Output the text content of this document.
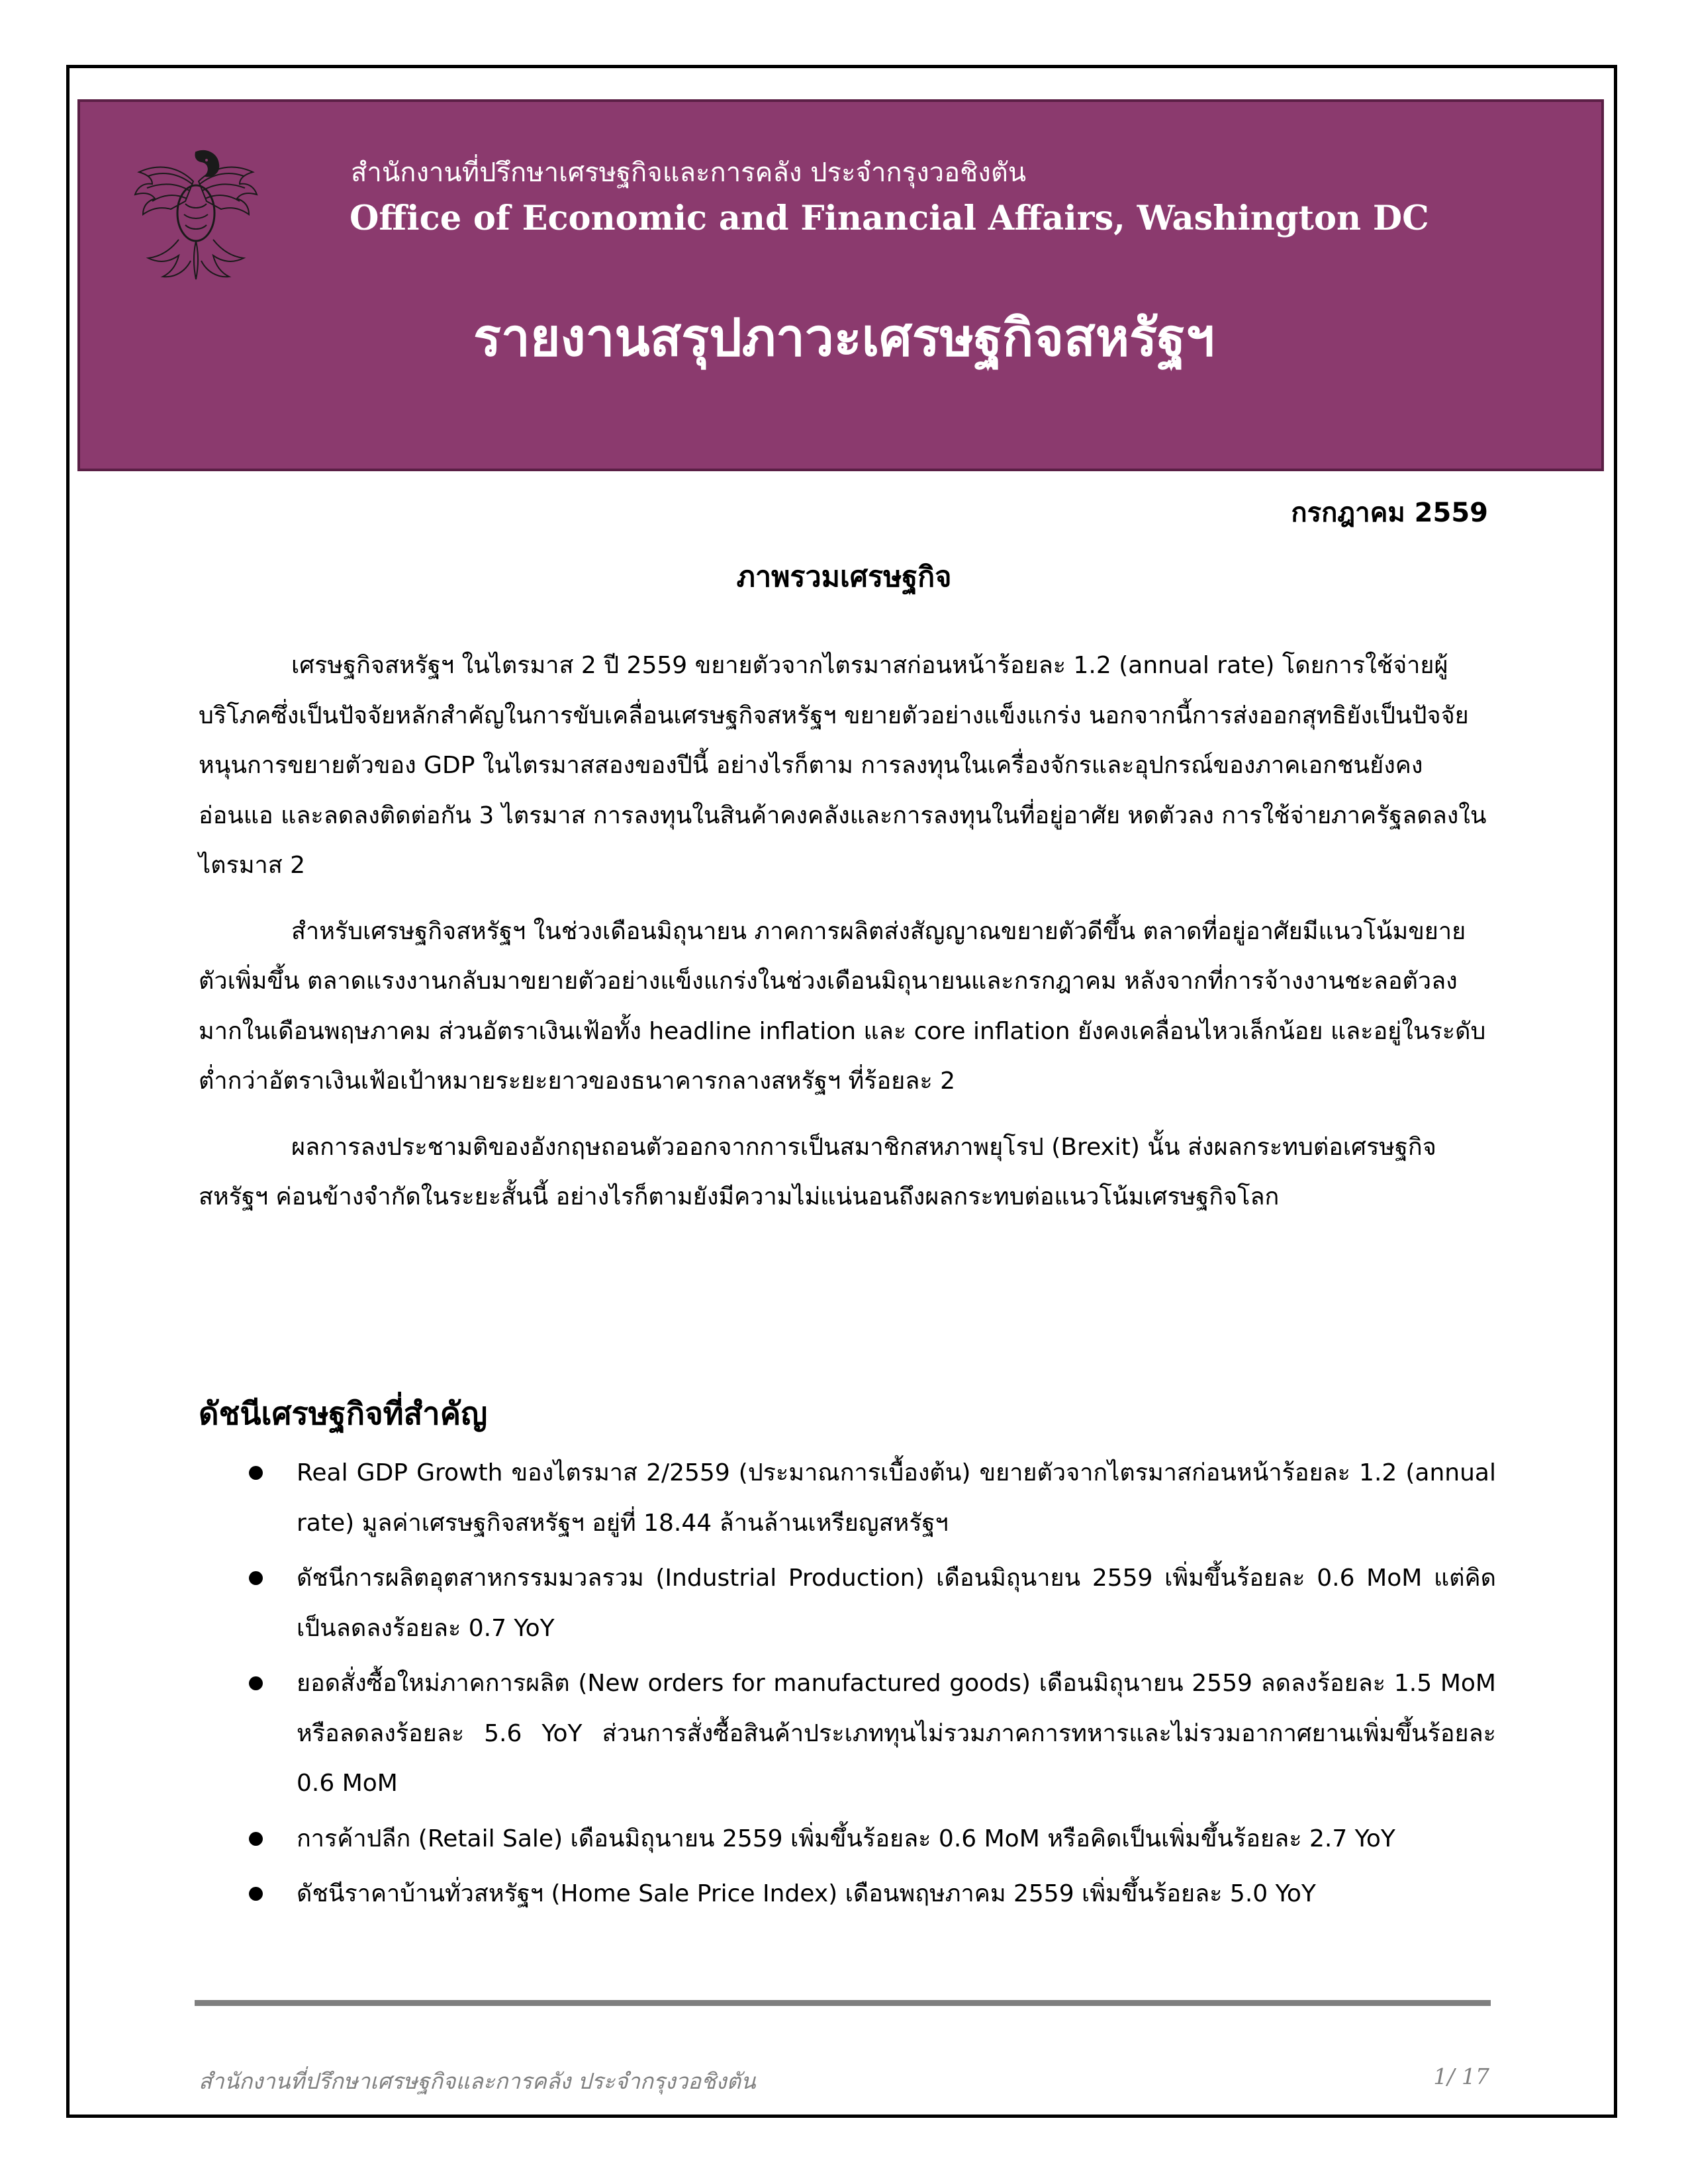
สำนักงานที่ปรึกษาเศรษฐกิจและการคลัง ประจำกรุงวอชิงตัน
Office of Economic and Financial Affairs, Washington DC
รายงานสรุปภาวะเศรษฐกิจสหรัฐฯ
กรกฎาคม 2559
ภาพรวมเศรษฐกิจ

เศรษฐกิจสหรัฐฯ ในไตรมาส 2 ปี 2559 ขยายตัวจากไตรมาสก่อนหน้าร้อยละ 1.2 (annual rate) โดยการใช้จ่ายผู้บริโภคซึ่งเป็นปัจจัยหลักสำคัญในการขับเคลื่อนเศรษฐกิจสหรัฐฯ ขยายตัวอย่างแข็งแกร่ง นอกจากนี้การส่งออกสุทธิยังเป็นปัจจัยหนุนการขยายตัวของ GDP ในไตรมาสสองของปีนี้ อย่างไรก็ตาม การลงทุนในเครื่องจักรและอุปกรณ์ของภาคเอกชนยังคงอ่อนแอ และลดลงติดต่อกัน 3 ไตรมาส การลงทุนในสินค้าคงคลังและการลงทุนในที่อยู่อาศัย หดตัวลง การใช้จ่ายภาครัฐลดลงในไตรมาส 2

สำหรับเศรษฐกิจสหรัฐฯ ในช่วงเดือนมิถุนายน ภาคการผลิตส่งสัญญาณขยายตัวดีขึ้น ตลาดที่อยู่อาศัยมีแนวโน้มขยายตัวเพิ่มขึ้น ตลาดแรงงานกลับมาขยายตัวอย่างแข็งแกร่งในช่วงเดือนมิถุนายนและกรกฎาคม หลังจากที่การจ้างงานชะลอตัวลงมากในเดือนพฤษภาคม ส่วนอัตราเงินเฟ้อทั้ง headline inflation และ core inflation ยังคงเคลื่อนไหวเล็กน้อย และอยู่ในระดับต่ำกว่าอัตราเงินเฟ้อเป้าหมายระยะยาวของธนาคารกลางสหรัฐฯ ที่ร้อยละ 2

ผลการลงประชามติของอังกฤษถอนตัวออกจากการเป็นสมาชิกสหภาพยุโรป (Brexit) นั้น ส่งผลกระทบต่อเศรษฐกิจสหรัฐฯ ค่อนข้างจำกัดในระยะสั้นนี้ อย่างไรก็ตามยังมีความไม่แน่นอนถึงผลกระทบต่อแนวโน้มเศรษฐกิจโลก

ดัชนีเศรษฐกิจที่สำคัญ
Real GDP Growth ของไตรมาส 2/2559 (ประมาณการเบื้องต้น) ขยายตัวจากไตรมาสก่อนหน้าร้อยละ 1.2 (annual rate) มูลค่าเศรษฐกิจสหรัฐฯ อยู่ที่ 18.44 ล้านล้านเหรียญสหรัฐฯ
ดัชนีการผลิตอุตสาหกรรมมวลรวม (Industrial Production) เดือนมิถุนายน 2559 เพิ่มขึ้นร้อยละ 0.6 MoM แต่คิดเป็นลดลงร้อยละ 0.7 YoY
ยอดสั่งซื้อใหม่ภาคการผลิต (New orders for manufactured goods) เดือนมิถุนายน 2559 ลดลงร้อยละ 1.5 MoM หรือลดลงร้อยละ 5.6 YoY ส่วนการสั่งซื้อสินค้าประเภททุนไม่รวมภาคการทหารและไม่รวมอากาศยานเพิ่มขึ้นร้อยละ 0.6 MoM
การค้าปลีก (Retail Sale) เดือนมิถุนายน 2559 เพิ่มขึ้นร้อยละ 0.6 MoM หรือคิดเป็นเพิ่มขึ้นร้อยละ 2.7 YoY
ดัชนีราคาบ้านทั่วสหรัฐฯ (Home Sale Price Index) เดือนพฤษภาคม 2559 เพิ่มขึ้นร้อยละ 5.0 YoY
สำนักงานที่ปรึกษาเศรษฐกิจและการคลัง ประจำกรุงวอชิงตัน	1/ 17
